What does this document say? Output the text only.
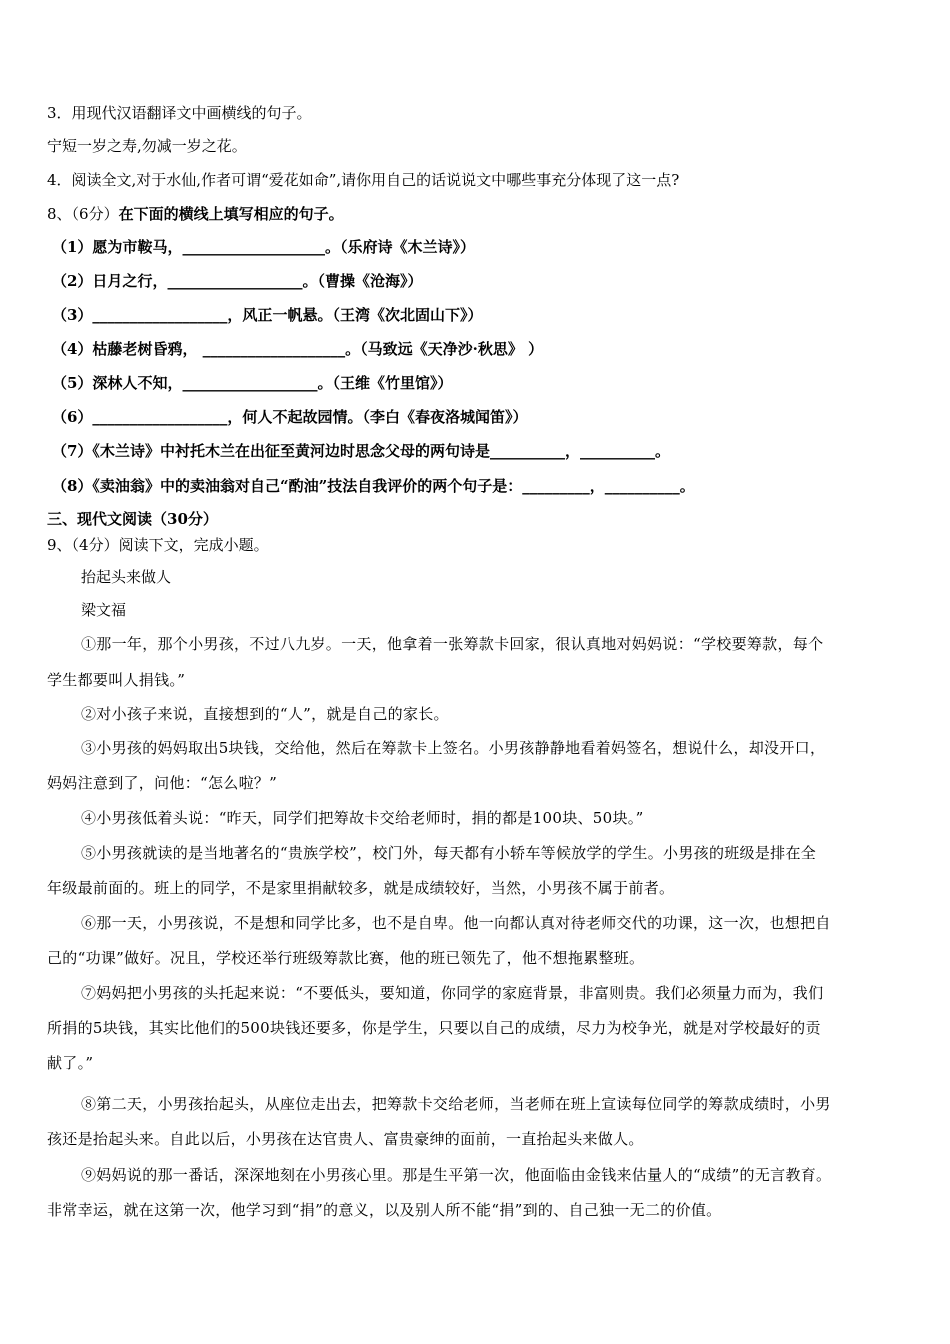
3．用现代汉语翻译文中画横线的句子。
宁短一岁之寿,勿减一岁之花。
4．阅读全文,对于水仙,作者可谓“爱花如命”,请你用自己的话说说文中哪些事充分体现了这一点?
8、（6分）在下面的横线上填写相应的句子。
（1）愿为市鞍马，___________________。（乐府诗《木兰诗》）
（2）日月之行，__________________。（曹操《沧海》）
（3）__________________，风正一帆悬。（王湾《次北固山下》）
（4）枯藤老树昏鸦， ___________________。（马致远《天净沙·秋思》 ）
（5）深林人不知，__________________。（王维《竹里馆》）
（6）__________________，何人不起故园情。（李白《春夜洛城闻笛》）
（7）《木兰诗》中衬托木兰在出征至黄河边时思念父母的两句诗是__________，__________。
（8）《卖油翁》中的卖油翁对自己“酌油”技法自我评价的两个句子是：_________，__________。
三、现代文阅读（30分）
9、（4分）阅读下文，完成小题。
抬起头来做人
梁文福
①那一年，那个小男孩，不过八九岁。一天，他拿着一张筹款卡回家，很认真地对妈妈说：“学校要筹款，每个
学生都要叫人捐钱。”
②对小孩子来说，直接想到的“人”，就是自己的家长。
③小男孩的妈妈取出5块钱，交给他，然后在筹款卡上签名。小男孩静静地看着妈签名，想说什么，却没开口，
妈妈注意到了，问他：“怎么啦？”
④小男孩低着头说：“昨天，同学们把筹故卡交给老师时，捐的都是100块、50块。”
⑤小男孩就读的是当地著名的“贵族学校”，校门外，每天都有小轿车等候放学的学生。小男孩的班级是排在全
年级最前面的。班上的同学，不是家里捐献较多，就是成绩较好，当然，小男孩不属于前者。
⑥那一天，小男孩说，不是想和同学比多，也不是自卑。他一向都认真对待老师交代的功课，这一次，也想把自
己的“功课”做好。况且，学校还举行班级筹款比赛，他的班已领先了，他不想拖累整班。
⑦妈妈把小男孩的头托起来说：“不要低头，要知道，你同学的家庭背景，非富则贵。我们必须量力而为，我们
所捐的5块钱，其实比他们的500块钱还要多，你是学生，只要以自己的成绩，尽力为校争光，就是对学校最好的贡
献了。”
⑧第二天，小男孩抬起头，从座位走出去，把筹款卡交给老师，当老师在班上宣读每位同学的筹款成绩时，小男
孩还是抬起头来。自此以后，小男孩在达官贵人、富贵豪绅的面前，一直抬起头来做人。
⑨妈妈说的那一番话，深深地刻在小男孩心里。那是生平第一次，他面临由金钱来估量人的“成绩”的无言教育。
非常幸运，就在这第一次，他学习到“捐”的意义，以及别人所不能“捐”到的、自己独一无二的价值。
